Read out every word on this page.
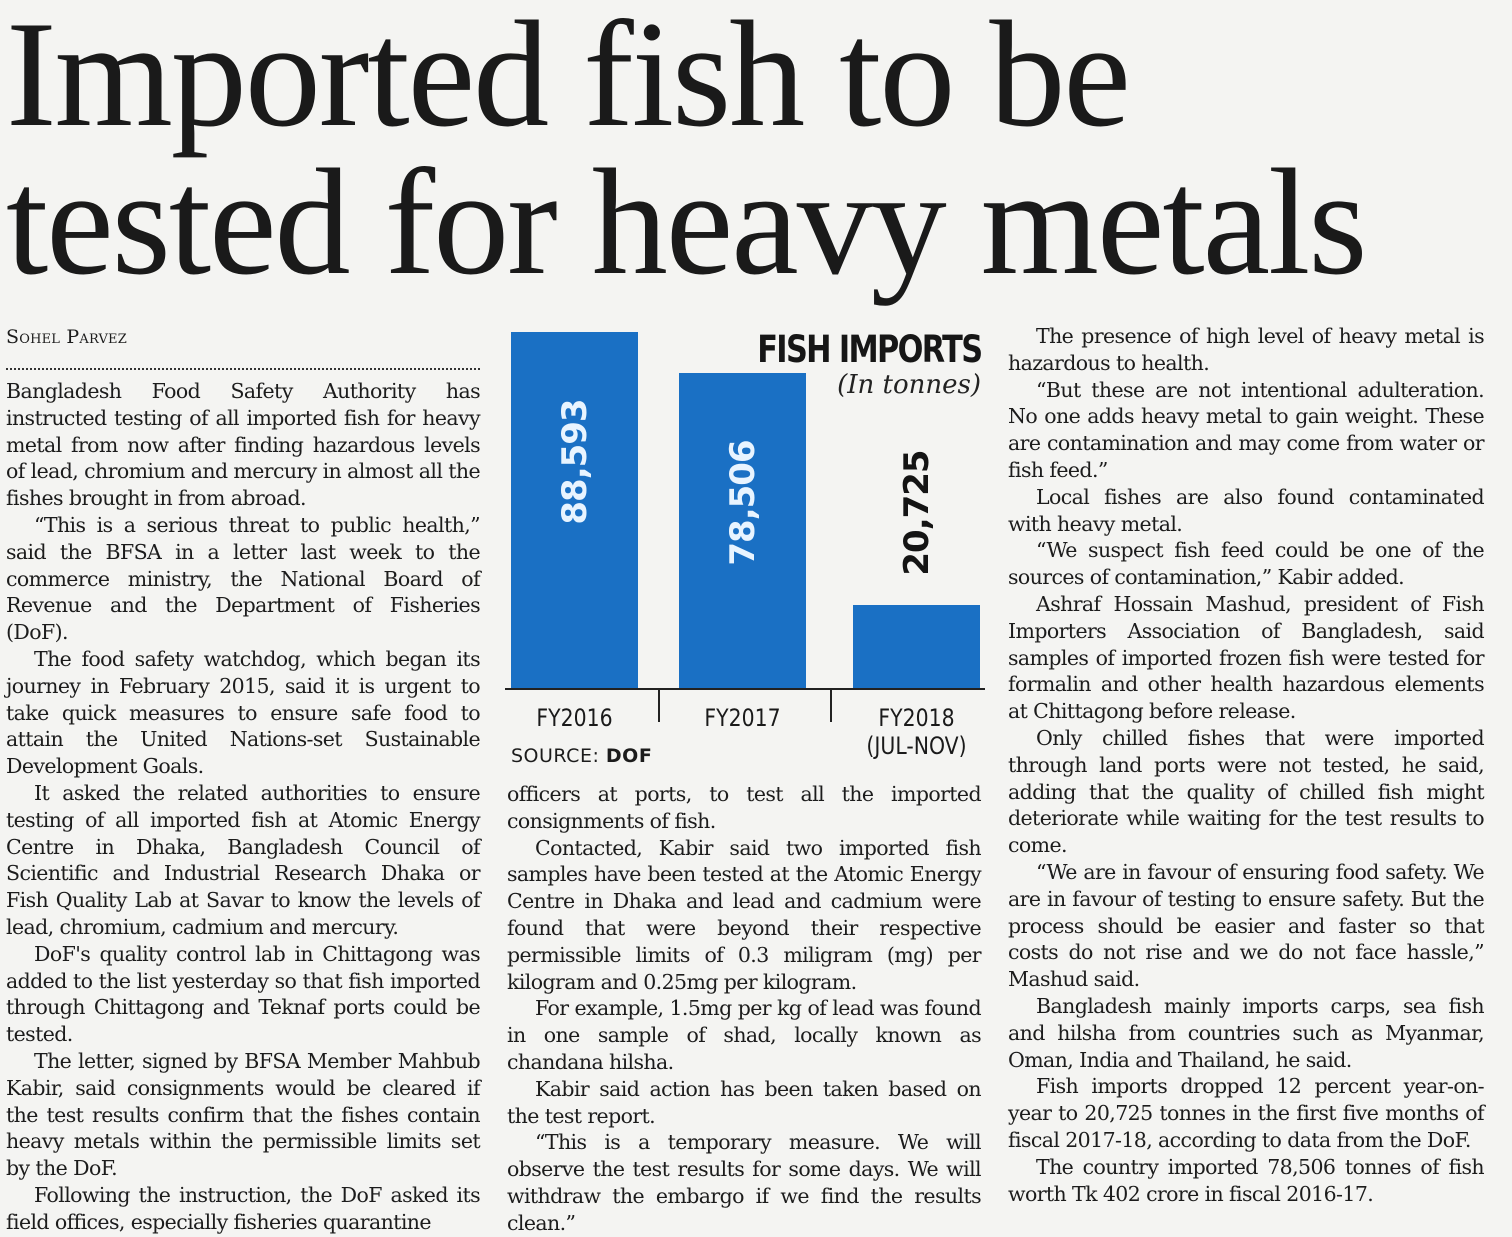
Imported fish to be
tested for heavy metals
Sohel Parvez

Bangladesh Food Safety Authority has instructed testing of all imported fish for heavy metal from now after finding hazardous levels of lead, chromium and mercury in almost all the fishes brought in from abroad.

“This is a serious threat to public health,” said the BFSA in a letter last week to the commerce ministry, the National Board of Revenue and the Department of Fisheries (DoF).

The food safety watchdog, which began its journey in February 2015, said it is urgent to take quick measures to ensure safe food to attain the United Nations-set Sustainable Development Goals.

It asked the related authorities to ensure testing of all imported fish at Atomic Energy Centre in Dhaka, Bangladesh Council of Scientific and Industrial Research Dhaka or Fish Quality Lab at Savar to know the levels of lead, chromium, cadmium and mercury.

DoF's quality control lab in Chittagong was added to the list yesterday so that fish imported through Chittagong and Teknaf ports could be tested.

The letter, signed by BFSA Member Mahbub Kabir, said consignments would be cleared if the test results confirm that the fishes contain heavy metals within the permissible limits set by the DoF.

Following the instruction, the DoF asked its field offices, especially fisheries quarantine

FISH IMPORTS
(In tonnes)
88,593
FY2016
78,506
FY2017
20,725
FY2018
(JUL-NOV)
SOURCE: DOF

officers at ports, to test all the imported consignments of fish.

Contacted, Kabir said two imported fish samples have been tested at the Atomic Energy Centre in Dhaka and lead and cadmium were found that were beyond their respective permissible limits of 0.3 miligram (mg) per kilogram and 0.25mg per kilogram.

For example, 1.5mg per kg of lead was found in one sample of shad, locally known as chandana hilsha.

Kabir said action has been taken based on the test report.

“This is a temporary measure. We will observe the test results for some days. We will withdraw the embargo if we find the results clean.”

The presence of high level of heavy metal is hazardous to health.

“But these are not intentional adulteration. No one adds heavy metal to gain weight. These are contamination and may come from water or fish feed.”

Local fishes are also found contaminated with heavy metal.

“We suspect fish feed could be one of the sources of contamination,” Kabir added.

Ashraf Hossain Mashud, president of Fish Importers Association of Bangladesh, said samples of imported frozen fish were tested for formalin and other health hazardous elements at Chittagong before release.

Only chilled fishes that were imported through land ports were not tested, he said, adding that the quality of chilled fish might deteriorate while waiting for the test results to come.

“We are in favour of ensuring food safety. We are in favour of testing to ensure safety. But the process should be easier and faster so that costs do not rise and we do not face hassle,” Mashud said.

Bangladesh mainly imports carps, sea fish and hilsha from countries such as Myanmar, Oman, India and Thailand, he said.

Fish imports dropped 12 percent year-on-year to 20,725 tonnes in the first five months of fiscal 2017-18, according to data from the DoF.

The country imported 78,506 tonnes of fish worth Tk 402 crore in fiscal 2016-17.
